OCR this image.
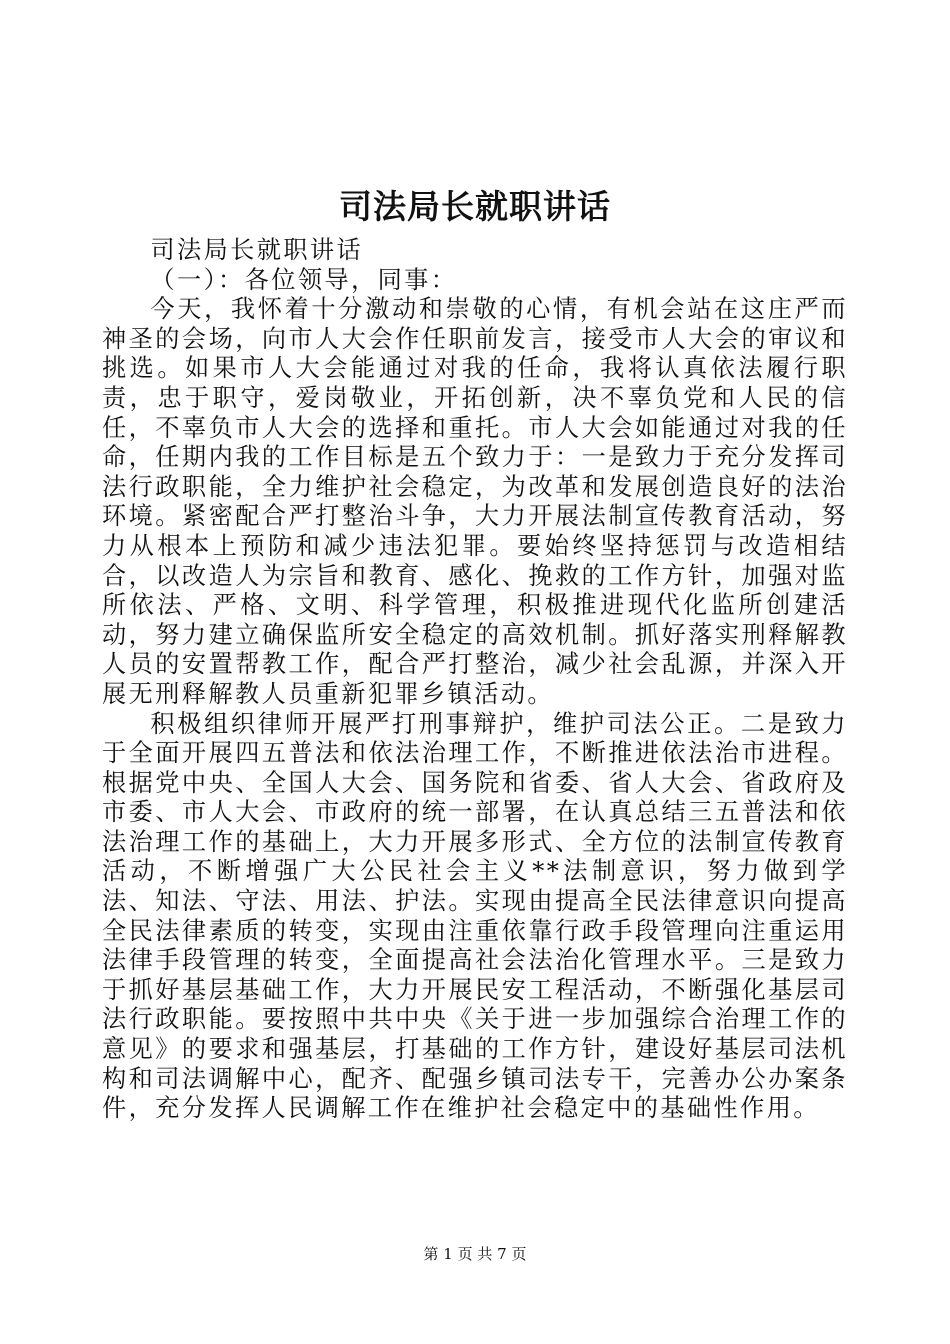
司法局长就职讲话

司法局长就职讲话

（一）：各位领导，同事：

今天，我怀着十分激动和崇敬的心情，有机会站在这庄严而神圣的会场，向市人大会作任职前发言，接受市人大会的审议和挑选。如果市人大会能通过对我的任命，我将认真依法履行职责，忠于职守，爱岗敬业，开拓创新，决不辜负党和人民的信任，不辜负市人大会的选择和重托。市人大会如能通过对我的任命，任期内我的工作目标是五个致力于：一是致力于充分发挥司法行政职能，全力维护社会稳定，为改革和发展创造良好的法治环境。紧密配合严打整治斗争，大力开展法制宣传教育活动，努力从根本上预防和减少违法犯罪。要始终坚持惩罚与改造相结合，以改造人为宗旨和教育、感化、挽救的工作方针，加强对监所依法、严格、文明、科学管理，积极推进现代化监所创建活动，努力建立确保监所安全稳定的高效机制。抓好落实刑释解教人员的安置帮教工作，配合严打整治，减少社会乱源，并深入开展无刑释解教人员重新犯罪乡镇活动。

积极组织律师开展严打刑事辩护，维护司法公正。二是致力于全面开展四五普法和依法治理工作，不断推进依法治市进程。根据党中央、全国人大会、国务院和省委、省人大会、省政府及市委、市人大会、市政府的统一部署，在认真总结三五普法和依法治理工作的基础上，大力开展多形式、全方位的法制宣传教育活动，不断增强广大公民社会主义**法制意识，努力做到学法、知法、守法、用法、护法。实现由提高全民法律意识向提高全民法律素质的转变，实现由注重依靠行政手段管理向注重运用法律手段管理的转变，全面提高社会法治化管理水平。三是致力于抓好基层基础工作，大力开展民安工程活动，不断强化基层司法行政职能。要按照中共中央《关于进一步加强综合治理工作的意见》的要求和强基层，打基础的工作方针，建设好基层司法机构和司法调解中心，配齐、配强乡镇司法专干，完善办公办案条件，充分发挥人民调解工作在维护社会稳定中的基础性作用。

第 1 页 共 7 页
